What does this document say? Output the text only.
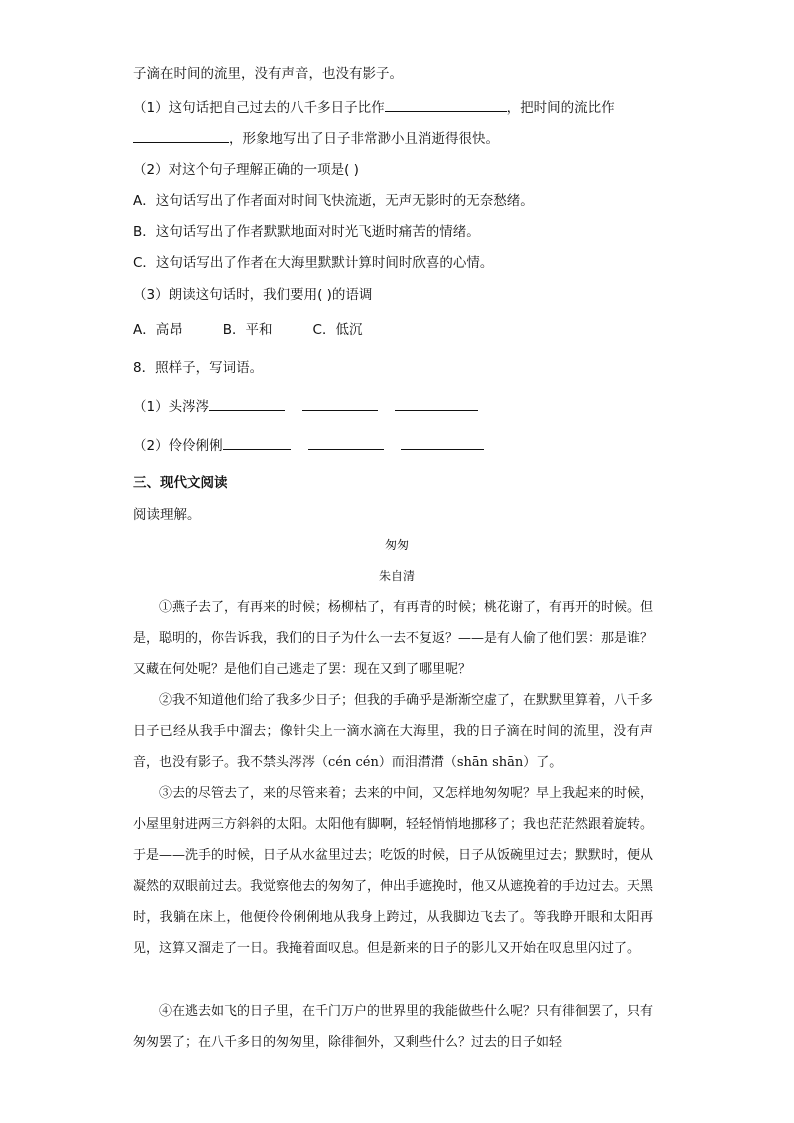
子滴在时间的流里，没有声音，也没有影子。
（1）这句话把自己过去的八千多日子比作	，把时间的流比作
，形象地写出了日子非常渺小且消逝得很快。
（2）对这个句子理解正确的一项是( )
A．这句话写出了作者面对时间飞快流逝，无声无影时的无奈愁绪。
B．这句话写出了作者默默地面对时光飞逝时痛苦的情绪。
C．这句话写出了作者在大海里默默计算时间时欣喜的心情。
（3）朗读这句话时，我们要用( )的语调
A．高昂	B．平和	C．低沉
8．照样子，写词语。
（1）头涔涔
（2）伶伶俐俐
三、现代文阅读
阅读理解。
匆匆
朱自清
①燕子去了，有再来的时候；杨柳枯了，有再青的时候；桃花谢了，有再开的时候。但是，聪明的，你告诉我，我们的日子为什么一去不复返？——是有人偷了他们罢：那是谁？又藏在何处呢？是他们自己逃走了罢：现在又到了哪里呢？
②我不知道他们给了我多少日子；但我的手确乎是渐渐空虚了，在默默里算着，八千多日子已经从我手中溜去；像针尖上一滴水滴在大海里，我的日子滴在时间的流里，没有声音，也没有影子。我不禁头涔涔（cén cén）而泪潸潸（shān shān）了。
③去的尽管去了，来的尽管来着；去来的中间，又怎样地匆匆呢？早上我起来的时候，小屋里射进两三方斜斜的太阳。太阳他有脚啊，轻轻悄悄地挪移了；我也茫茫然跟着旋转。于是——洗手的时候，日子从水盆里过去；吃饭的时候，日子从饭碗里过去；默默时，便从凝然的双眼前过去。我觉察他去的匆匆了，伸出手遮挽时，他又从遮挽着的手边过去。天黑时，我躺在床上，他便伶伶俐俐地从我身上跨过，从我脚边飞去了。等我睁开眼和太阳再见，这算又溜走了一日。我掩着面叹息。但是新来的日子的影儿又开始在叹息里闪过了。
④在逃去如飞的日子里，在千门万户的世界里的我能做些什么呢？只有徘徊罢了，只有匆匆罢了；在八千多日的匆匆里，除徘徊外，又剩些什么？过去的日子如轻
